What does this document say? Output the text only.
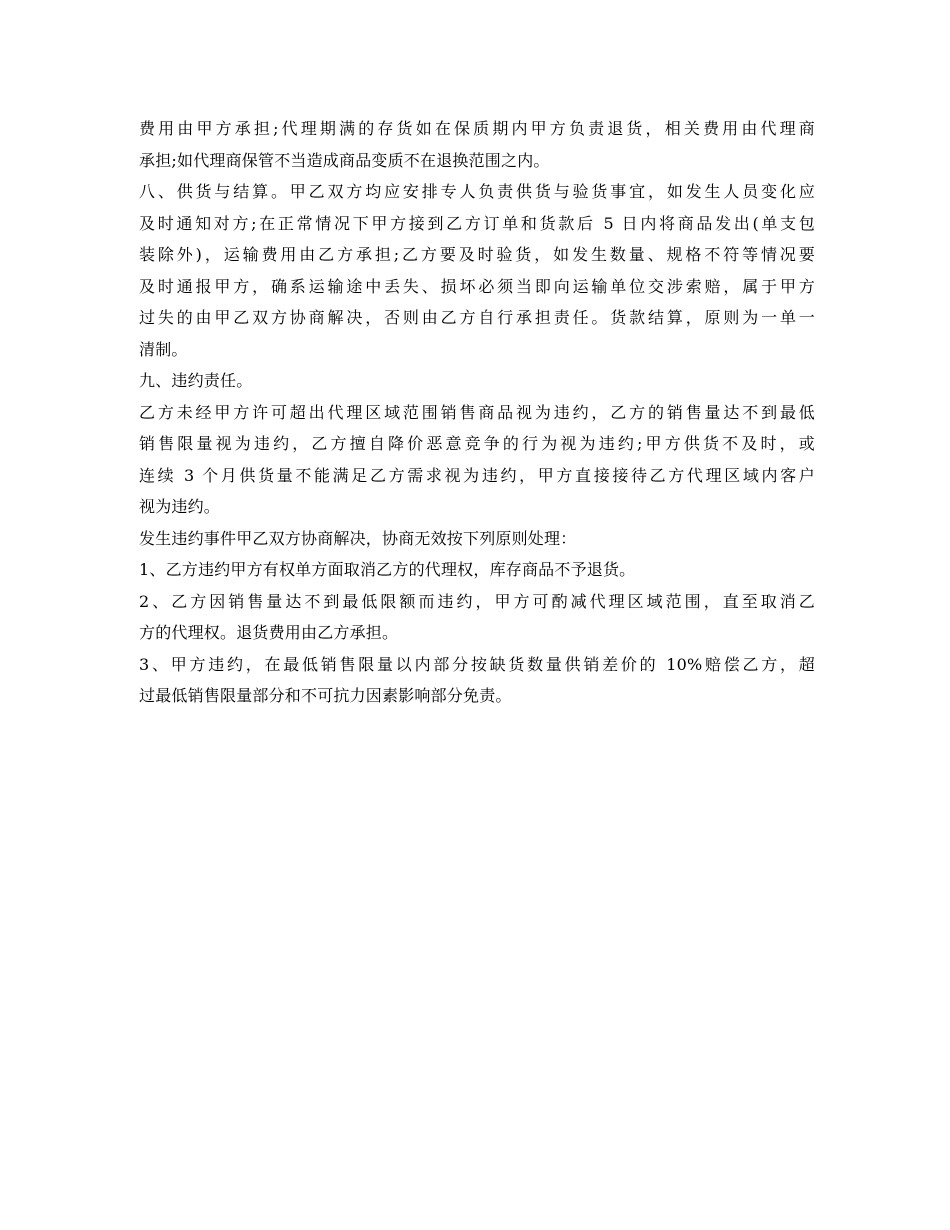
费用由甲方承担;代理期满的存货如在保质期内甲方负责退货，相关费用由代理商
承担;如代理商保管不当造成商品变质不在退换范围之内。
八、供货与结算。甲乙双方均应安排专人负责供货与验货事宜，如发生人员变化应
及时通知对方;在正常情况下甲方接到乙方订单和货款后 5 日内将商品发出(单支包
装除外)，运输费用由乙方承担;乙方要及时验货，如发生数量、规格不符等情况要
及时通报甲方，确系运输途中丢失、损坏必须当即向运输单位交涉索赔，属于甲方
过失的由甲乙双方协商解决，否则由乙方自行承担责任。货款结算，原则为一单一
清制。
九、违约责任。
乙方未经甲方许可超出代理区域范围销售商品视为违约，乙方的销售量达不到最低
销售限量视为违约，乙方擅自降价恶意竞争的行为视为违约;甲方供货不及时，或
连续 3 个月供货量不能满足乙方需求视为违约，甲方直接接待乙方代理区域内客户
视为违约。
发生违约事件甲乙双方协商解决，协商无效按下列原则处理：
1、乙方违约甲方有权单方面取消乙方的代理权，库存商品不予退货。
2、乙方因销售量达不到最低限额而违约，甲方可酌减代理区域范围，直至取消乙
方的代理权。退货费用由乙方承担。
3、甲方违约，在最低销售限量以内部分按缺货数量供销差价的 10%赔偿乙方，超
过最低销售限量部分和不可抗力因素影响部分免责。
